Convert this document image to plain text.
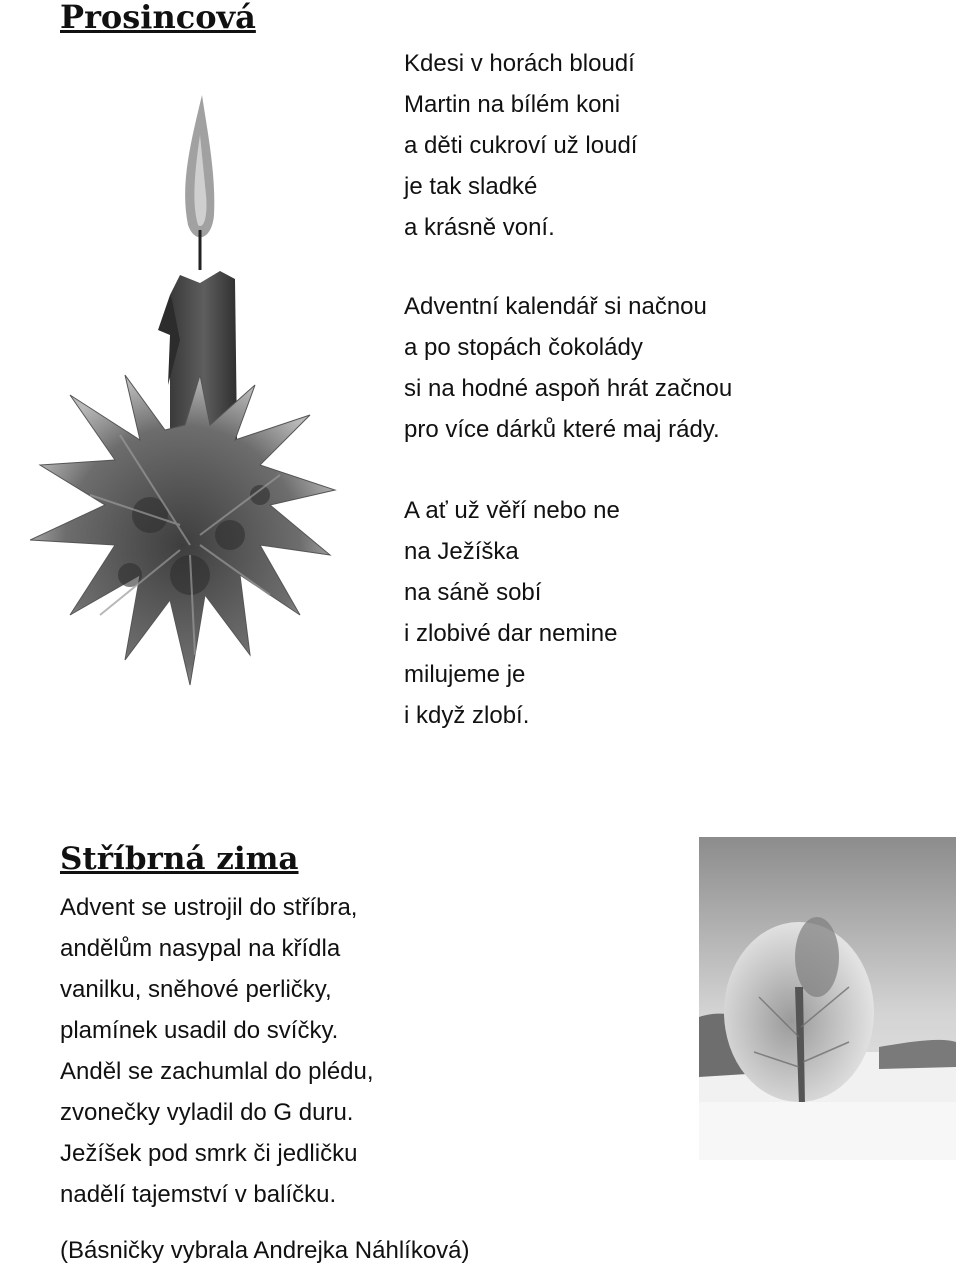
Prosincová
Kdesi v horách bloudí
Martin na bílém koni
a děti cukroví už loudí
je tak sladké
a krásně voní.
Adventní kalendář si načnou
a po stopách čokolády
si na hodné aspoň hrát začnou
pro více dárků které maj rády.
A ať už věří nebo ne
na Ježíška
na sáně sobí
i zlobivé dar nemine
milujeme je
i když zlobí.
Stříbrná zima
Advent se ustrojil do stříbra,
andělům nasypal na křídla
vanilku, sněhové perličky,
plamínek usadil do svíčky.
Anděl se zachumlal do plédu,
zvonečky vyladil do G duru.
Ježíšek pod smrk či jedličku
nadělí tajemství v balíčku.
(Básničky vybrala Andrejka Náhlíková)
